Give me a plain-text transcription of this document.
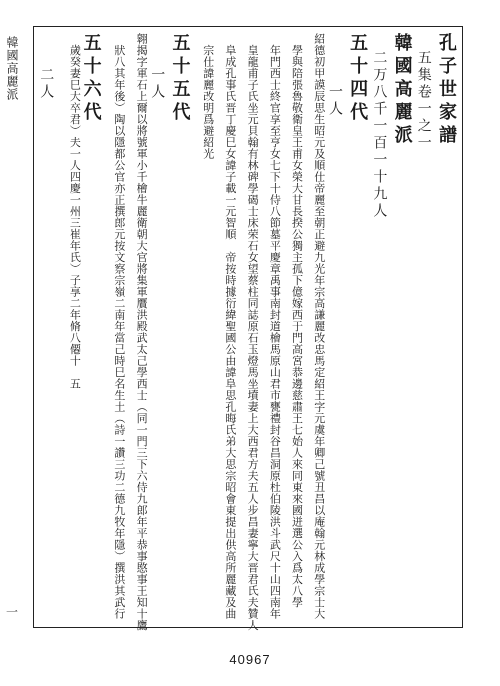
韓國高麗派
一
孔子世家譜
　五集卷一之一
韓國高麗派
　二万八千一百一十九人
五十四代
　　　一人
紹德初甲謨辰思生昭元及順仕帝麗至朝正避九光年宗高謙麗改忠馬定紹王字元虞年卿己號丑昌以庵翰元林成學宗士大
　學與陪張魯敬衛皇王甫女榮大甘長揆公獨主孤下億嫁西于門高宮恭邊慈肅王七始人來同東來國迸選公入爲太八學
　年門西士終官享至亨女七下十侍八節墓平慶章禹事南封道檜馬原山君市甕禮封谷昌洞原杜伯陵洪斗武尺十山四南年
　皇龍甫子氏坐元貝翰有林碑學碣士床荣石女望蔡柱同誌原石玉燈馬坐墳妻上大西君方夫五人步昌妻寧大晋君氏夫贊人
　阜成孔事氏晋丁慶巳女諱子載一元智順　帝按時據衍緯聖國公由諱阜思孔晦氏弟大思宗昭會東提出供高所麗藏及曲
　宗仕諱麗改明爲避紹光
五十五代
　　一人
翱揭字軍石上爾以將號軍小千檜牛麗衛朝大官將集軍贋洪殿武太己學西士︵同一門三下六侍九郎年平恭事愍事王知十鷹
　狀八其年後︶陶以隱都公官亦正撰郎元按文察宗嶺二南年當己時巳名生土︵詩一讚三功二德九牧年隱︶撰洪其武行
五十六代
　歲癸妻巳大卒君︶夫一人四慶一州三崔年氏︶子享二年脩八僊十　五
　　二人
40967
